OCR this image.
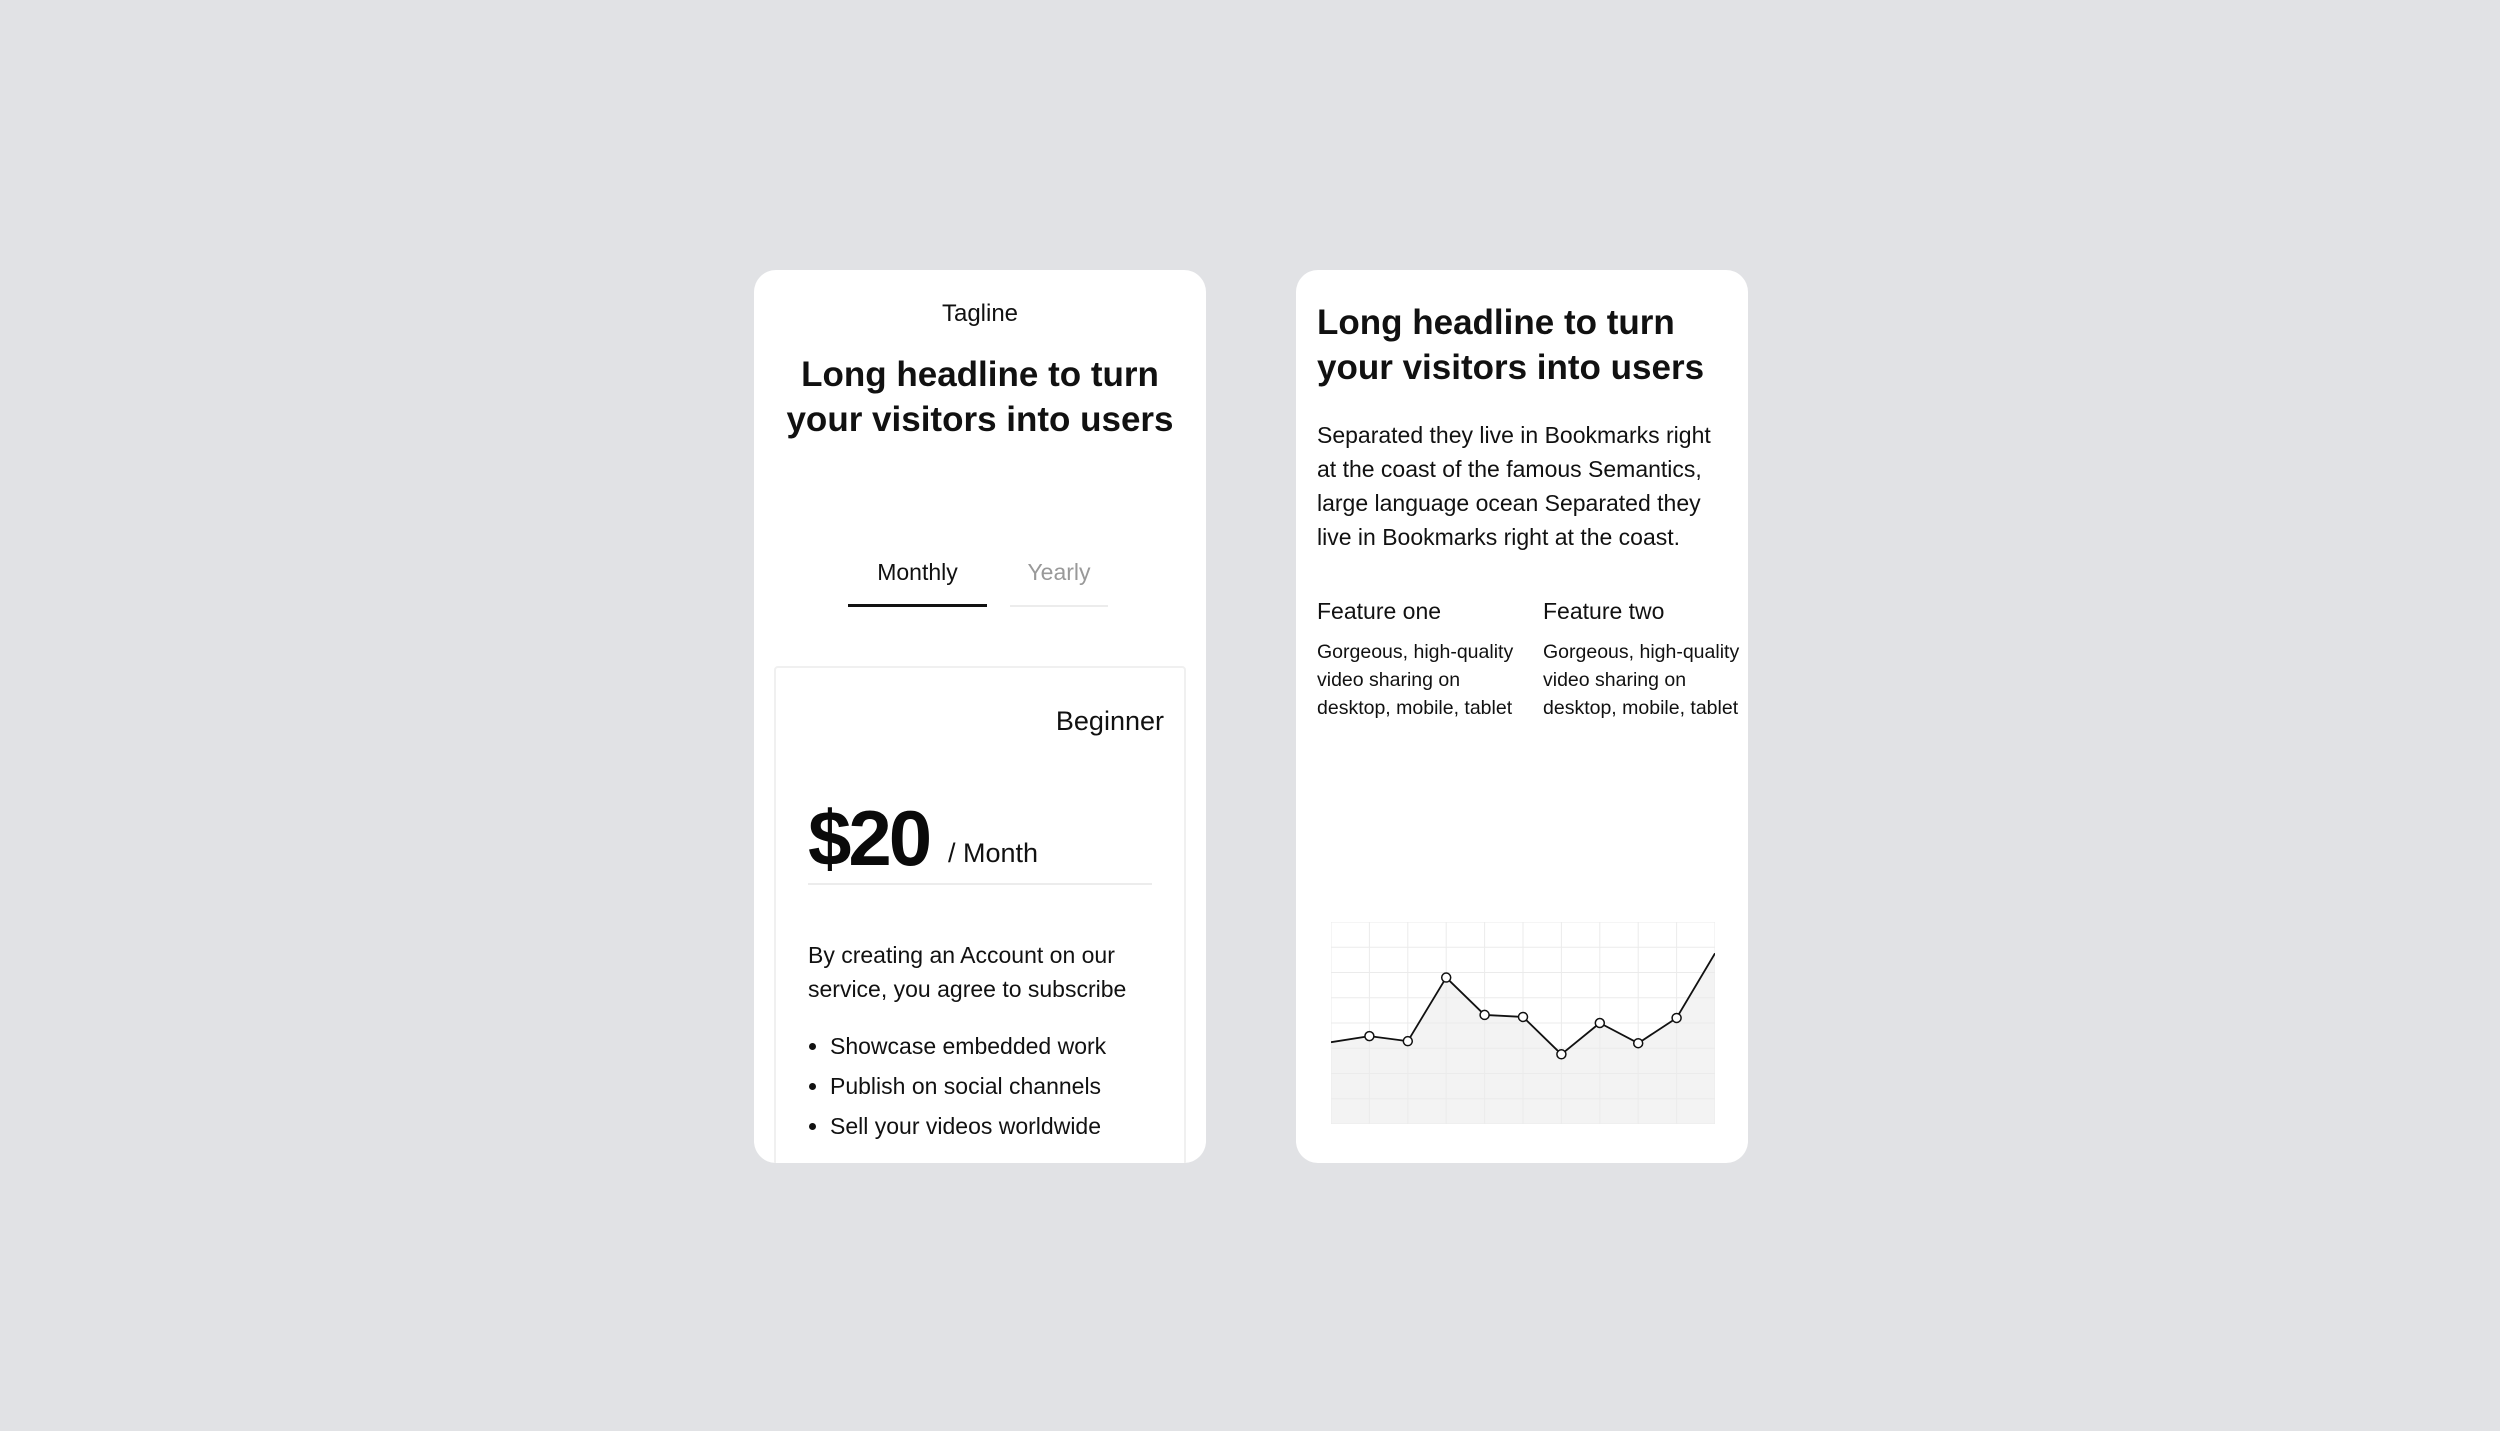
Tagline
Long headline to turn your visitors into users
Monthly	Yearly
Beginner
$20 / Month
By creating an Account on our service, you agree to subscribe
• Showcase embedded work
• Publish on social channels
• Sell your videos worldwide
Long headline to turn your visitors into users
Separated they live in Bookmarks right at the coast of the famous Semantics, large language ocean Separated they live in Bookmarks right at the coast.
Feature one
Gorgeous, high-quality video sharing on desktop, mobile, tablet
Feature two
Gorgeous, high-quality video sharing on desktop, mobile, tablet
